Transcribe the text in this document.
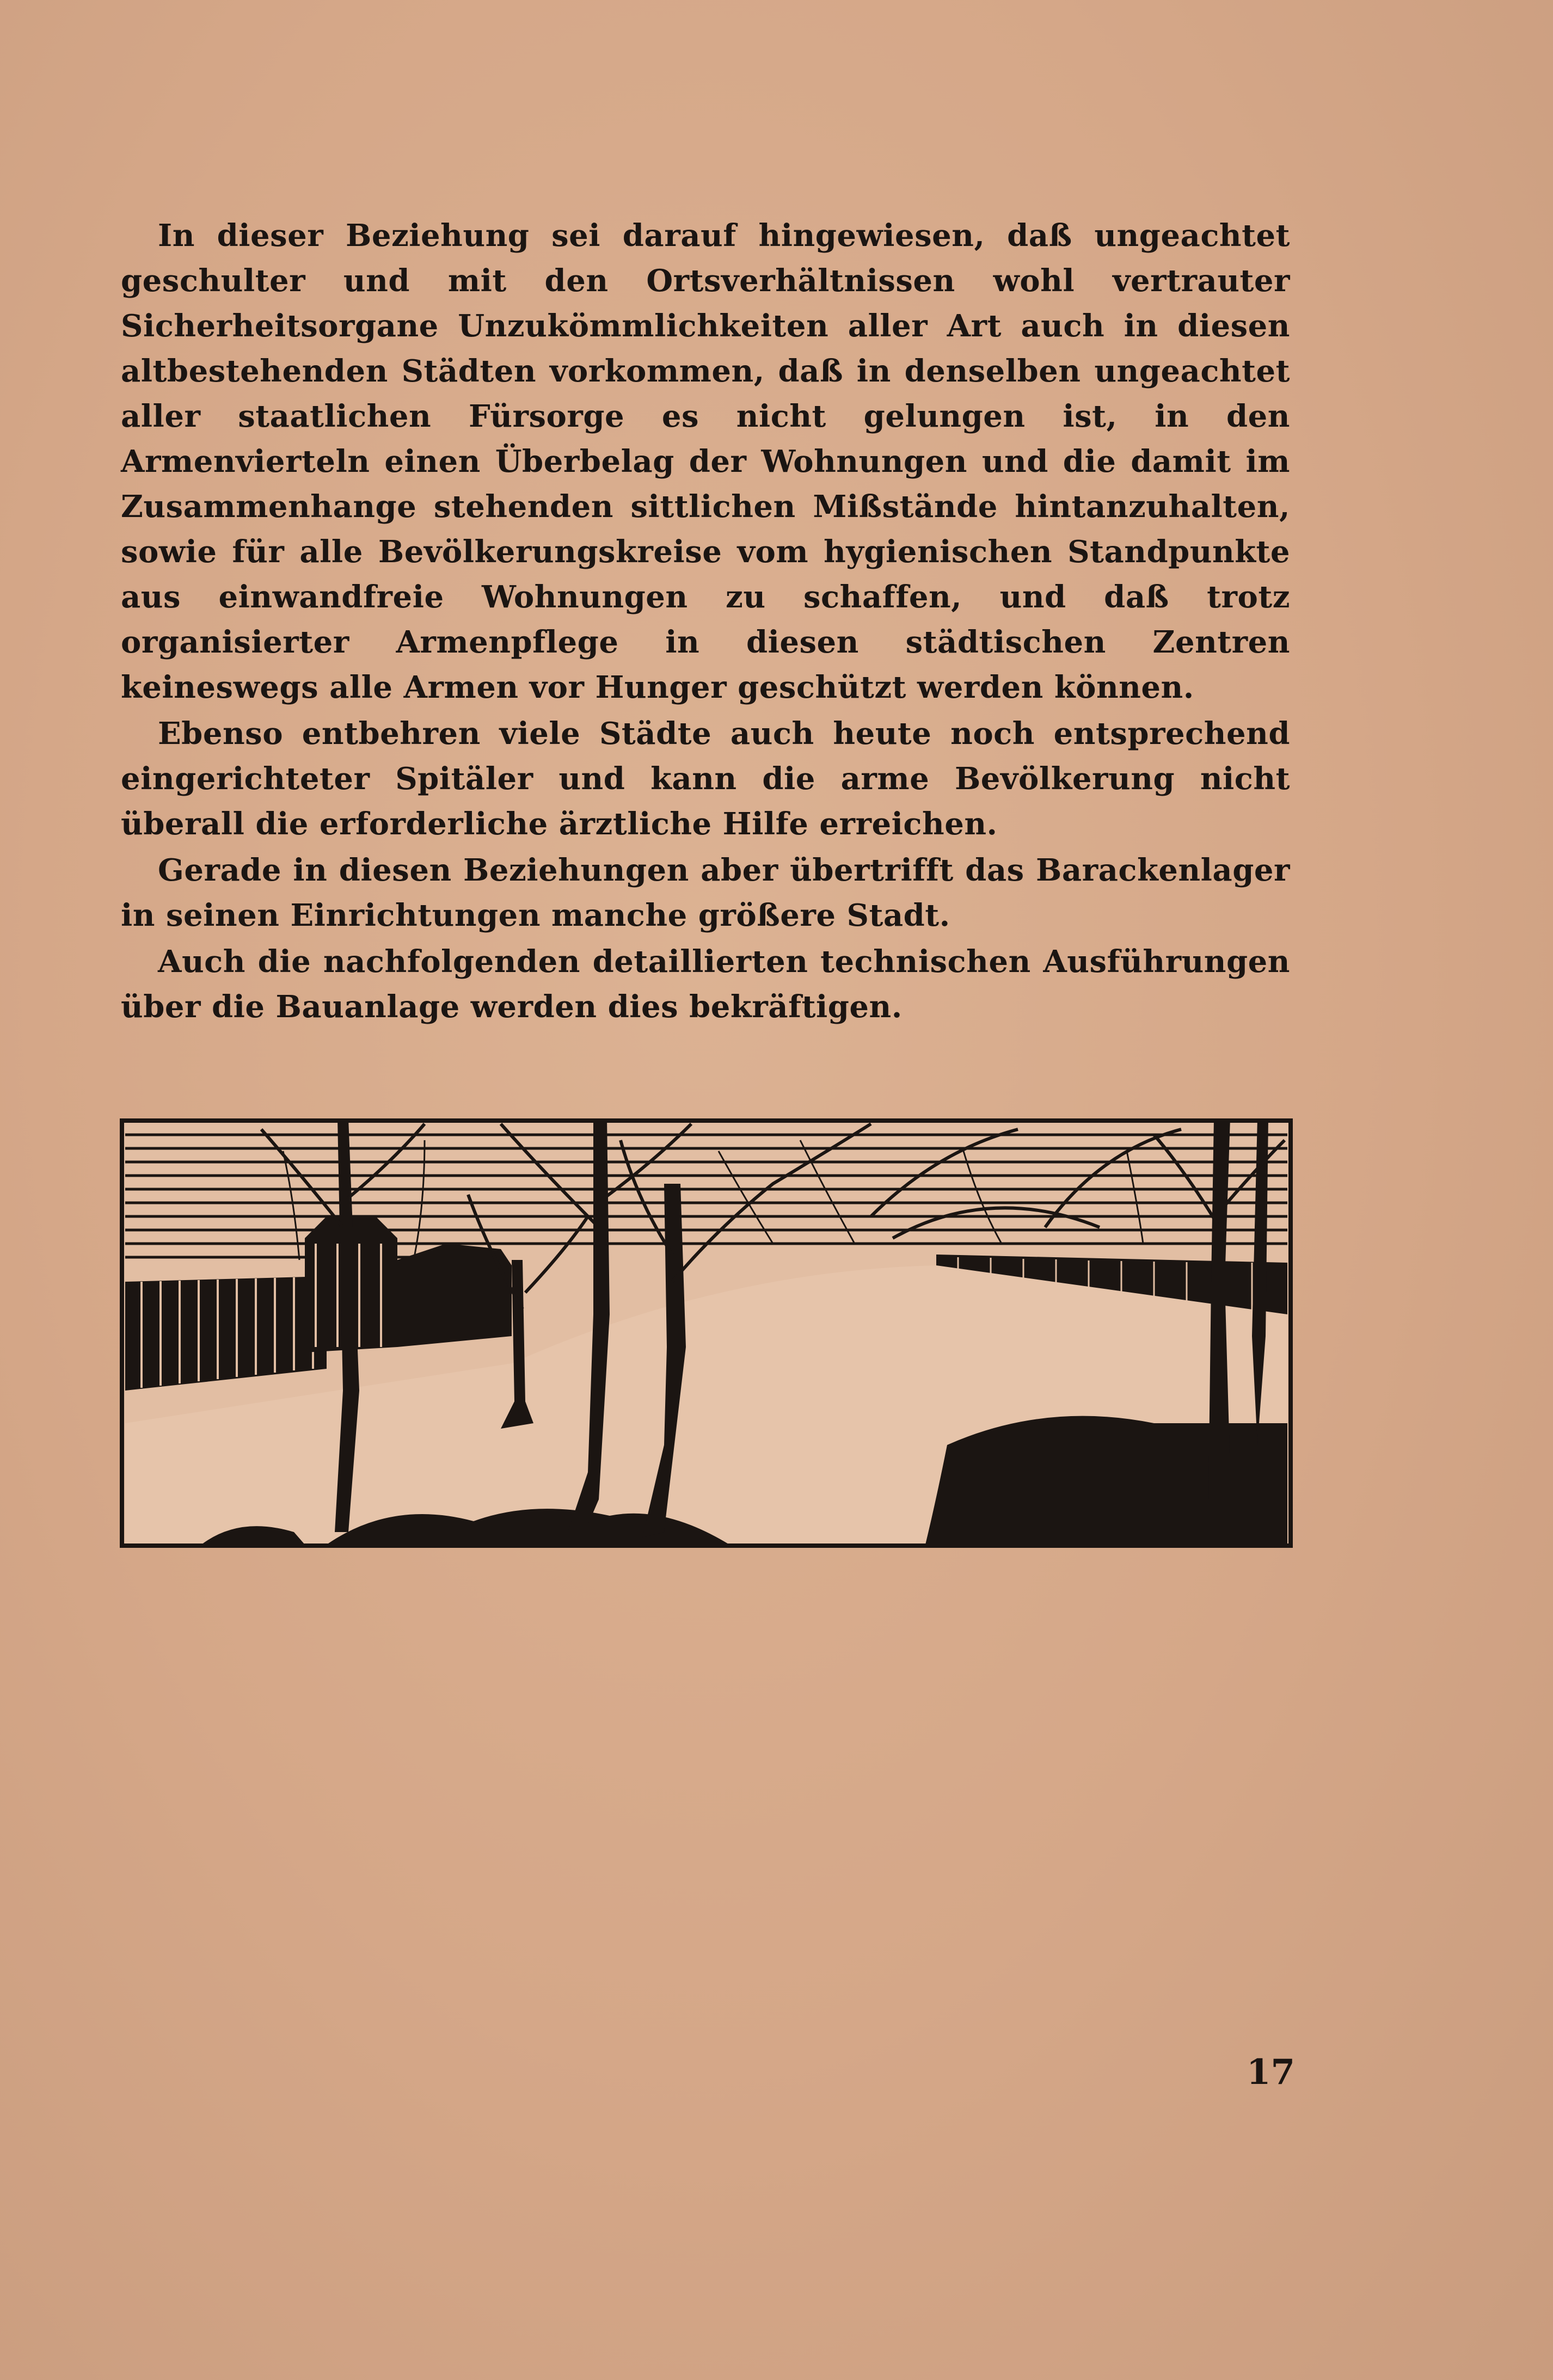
In dieser Beziehung sei darauf hingewiesen, daß ungeachtet geschulter und mit den Ortsverhältnissen wohl vertrauter Sicherheitsorgane Unzukömmlichkeiten aller Art auch in diesen altbestehenden Städten vorkommen, daß in denselben ungeachtet aller staatlichen Fürsorge es nicht gelungen ist, in den Armenvierteln einen Überbelag der Wohnungen und die damit im Zusammenhange stehenden sittlichen Mißstände hintanzuhalten, sowie für alle Bevölkerungskreise vom hygienischen Standpunkte aus einwandfreie Wohnungen zu schaffen, und daß trotz organisierter Armenpflege in diesen städtischen Zentren keineswegs alle Armen vor Hunger geschützt werden können.

Ebenso entbehren viele Städte auch heute noch entsprechend eingerichteter Spitäler und kann die arme Bevölkerung nicht überall die erforderliche ärztliche Hilfe erreichen.

Gerade in diesen Beziehungen aber übertrifft das Barackenlager in seinen Einrichtungen manche größere Stadt.

Auch die nachfolgenden detaillierten technischen Ausführungen über die Bauanlage werden dies bekräftigen.

17
